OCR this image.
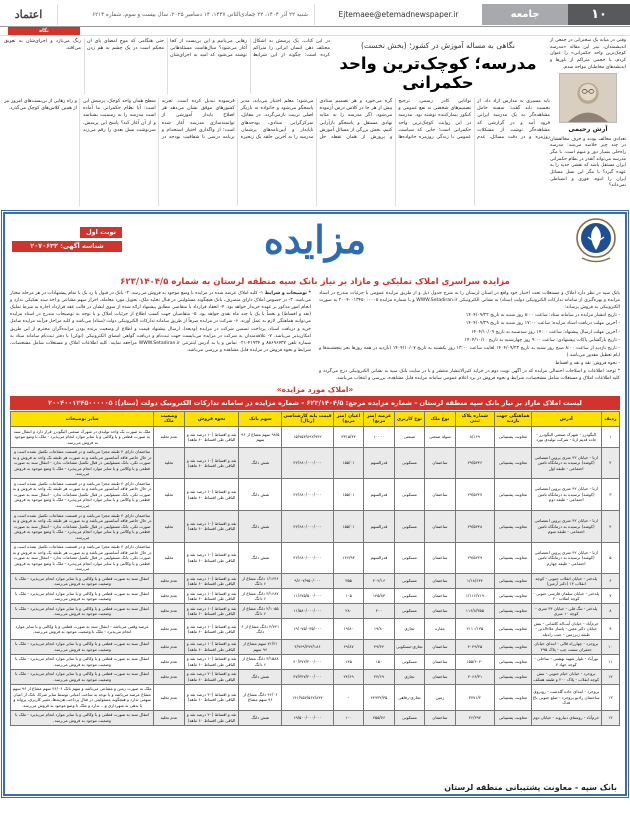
۱۰
جامعه
Ejtemaee@etemadnewspaper.ir
شنبه ۲۲ آذر ۱۴۰۴، ۲۲ جمادی‌الثانی ۱۴۴۷، ۱۴ دسامبر ۲۰۲۵، سال بیست و سوم، شماره ۶۲۱۴
اعتماد
نگاه
وقتی در میانه یک سخنرانی در جمعی از اندیشمندان، تیتر این مقاله «مدرسه کوچک‌ترین واحد حکمرانی» را عنوان کردم، با حجمی متراکم از باورها و اندیشه‌های مخاطبان مواجه شدم.
آرش رحیمی
تعدادی مخالف بودند و حرف مخالفشان در چند چیز خلاصه می‌شد: مدرسه راه‌حلی بسیار دور و مبهم است. یا مگر مدرسه می‌تواند آنقدر در نظام حکمرانی ایران مستقل باشد که نقشی جدید را به عهده گیرد؟ یا مگر این نسل مسائل ایران را انبوه، فوری و انضباطی نمی‌داند؟
نگاهی به مساله آموزش در کشور؛ (بخش نخست)
مدرسه؛ کوچک‌ترین واحد حکمرانی
در این کتاب، یک پرسش به اشکال مختلف ذهن انسان ایرانی را متراکم کرده است: چگونه از این شرایط رهایی می‌یابیم و این بن‌بست از کجا آغاز می‌شود؟ سال‌هاست مسئله‌هایی نوشته می‌شود که امید به اجرای‌شان حتی هنگامی که موج امضای پای آن محکم است در یک چشم به هم زدن رنگ می‌بازد و اجرای‌شان به تعویق می‌افتد.
باید مسیری به مدارس آزاد داد. از نخست باید گفت: سفینه حامل مشاهده‌گر به یک مدرسه ایرانی فرود آمد و در گزارشی که مشاهده‌گر نوشت از مشکلات روزمره و در دقت مسائل، عدم توانایی کادر رسمی، ترجیح تصمیم‌های شخصی به نفع عمومی و کنکور بیمارکننده نوشته بود. مدرسه در این روایت کوچک‌ترین واحد حکمرانی است؛ جایی که سیاست عمومی با زندگی روزمره خانواده‌ها گره می‌خورد و هر تصمیم ستادی پیش از هر جا در کلاس درس آزموده می‌شود. اگر مدرسه را به مثابه نهادی مستقل و پاسخگو بازآرایی کنیم، بخش بزرگی از مسائل آموزش و پرورش از همان نقطه حل می‌شود؛ معلم اختیار می‌یابد، مدیر پاسخگو می‌شود و خانواده به بازیگر اصلی تربیت بازمی‌گردد. در مقابل، تمرکزگرایی ستادی، بودجه‌های ناپایدار و آیین‌نامه‌های پرشمار، مدرسه را به آخرین حلقه یک زنجیره فرسوده تبدیل کرده است. تجربه کشورهای موفق نشان می‌دهد هر اصلاح پایدار آموزشی از توانمندسازی مدرسه آغاز شده است؛ از واگذاری اختیار استخدام و برنامه درسی تا شفافیت بودجه در سطح همان واحد کوچک. پرسش این است: آیا نظام حکمرانی ما آماده است مدرسه را به رسمیت بشناسد و از آن آغاز کند؟ پاسخ این پرسش، سرنوشت نسل بعدی را رقم می‌زند و راه رهایی از بن‌بست‌های امروز نیز از همین کلاس‌های کوچک می‌گذرد.
نوبت اول
شناسه آگهی: ۲۰۷۰۶۳۲	مزایده
مزایده سراسری املاک تملیکی و مازاد بر نیاز بانک سپه منطقه لرستان به شماره ۶۲۳/۱۴۰۴/۵
بانک سپه در نظر دارد املاک و مستغلات تحت اختیار خود واقع در استان لرستان را به شرح جدول ذیل و از طریق مزایده عمومی با جزئیات مندرج در اسناد مزایده و بهره‌گیری از سامانه تدارکات الکترونیکی دولت (ستاد) به نشانی الکترونیکی WWW.Setadiran.ir و با شماره مزایده ۲۰۰۴۰۰۱۳۴۵۰۰۰۰۰۵ به صورت الکترونیکی به فروش برساند:
- تاریخ انتشار مزایده در سامانه ستاد: ساعت ۸:۰۰ روز شنبه به تاریخ ۱۴۰۴/۰۹/۲۲
- آخرین مهلت دریافت اسناد مزایده: ساعت ۱۷:۰۰ روز شنبه به تاریخ ۱۴۰۴/۰۹/۲۹
- آخرین مهلت ارسال پیشنهاد: ساعت ۱۷:۰۰ روز سه‌شنبه به تاریخ ۱۴۰۴/۱۰/۰۹
- تاریخ بازگشایی پاکات پیشنهادی: ساعت ۹:۰۰ روز چهارشنبه به تاریخ ۱۴۰۴/۱۰/۱۰
- تاریخ بازدید از ساعت ۸:۰۰ صبح روز شنبه به تاریخ ۱۴۰۴/۰۹/۲۳ لغایت ساعت ۱۳:۰۰ روز یکشنبه به تاریخ ۱۴۰۴/۱۰/۰۷ (بازدید در همه روزها بجز پنجشنبه‌ها و ایام تعطیل مقدور می‌باشد.)
- نحوه فروش: نقد و نقد و اقساط
* توجه: اطلاعات و اصلاحات احتمالی مزایده که در آگهی نوبت دوم در جراید کثیرالانتشار منتشر و یا در سایت بانک سپه به نشانی الکترونیکی درج می‌گردد و کلیه اطلاعات املاک و مستغلات شامل مشخصات، شرایط و نحوه فروش در برد اعلام عمومی سامانه مزایده قابل مشاهده، بررسی و انتخاب می‌باشد.
* توضیحات و شرایط ۱- کلیه املاک عرضه شده در مزایده با وضع موجود به فروش می‌رسد. ۲- بانک در قبول یا رد یک یا تمام پیشنهادات در هر مرحله مختار می‌باشد. ۳- در خصوص املاک دارای متصرف، بانک هیچگونه مسئولیتی در قبال تخلیه ملک، تحویل مورد معامله، احراز سهم مشاعی و اخذ سند تفکیکی ندارد و انجام امور مذکور بر عهده خریدار خواهد بود. ۴- انعقاد قرارداد با متقاضی مطابق پیشنهاد ارائه شده از سوی ایشان در قالب عقد قرارداد اجاره به شرط تملیک (نقد و اقساط) و بعضاً با یک یا چند ماه نقدی خواهد بود. ۵- متقاضیان جهت کسب اطلاع از جزئیات املاک و با توجه به توضیحات مندرج در اسناد مزایده می‌توانند هماهنگی لازم به عمل آورند. ۶- شرکت در مزایده صرفاً از طریق سامانه تدارکات الکترونیکی دولت (ستاد) می‌باشد و کلیه مراحل فرآیند مزایده شامل خرید و دریافت اسناد، پرداخت تضمین شرکت در مزایده (ودیعه)، ارسال پیشنهاد قیمت و اطلاع از وضعیت برنده بودن مزایده‌گران محترم از این طریق امکان‌پذیر می‌باشد. ۷- علاقه‌مندان به شرکت در مزایده می‌بایست جهت ثبت‌نام و دریافت گواهی امضای الکترونیکی (توکن) با دفتر ثبت‌نام سامانه ستاد به شماره تلفن ۸۸۶۹۶۷۳۷ و ۴۱۹۳۴-۰۲۱ تماس و یا به آدرس اینترنتی WWW.Setadiran.ir مراجعه نمایند. کلیه اطلاعات املاک و مستغلات شامل مشخصات، شرایط و نحوه فروش در مزایده قابل مشاهده و بررسی می‌باشد.
«املاک مورد مزایده»
لیست املاک مازاد بر نیاز بانک سپه منطقه لرستان - شماره مزایده مرجع: ۶۲۳/۱۴۰۴/۵ - شماره مزایده در سامانه تدارکات الکترونیک دولت (ستاد): ۲۰۰۴۰۰۱۳۴۵۰۰۰۰۰۵
ردیف	آدرس	هماهنگی جهت بازدید	شماره پلاک ثبتی	نوع ملک	نوع کاربری	عرصه (متر مربع)	اعیان (متر مربع)	قیمت پایه کارشناسی (ریال)	سهم بانک	نحوه فروش	وضعیت ملک	سایر توضیحات
۱	الیگودرز - شهرک صنعتی الیگودرز - جاده قدیم ازنا - شرکت تولیدی نورد	معاونت پشتیبانی	۸/۱۶۹	سوله صنعتی	صنعتی	۱۰۰۰۰	۳۳۱۵/۴۴	۱۵/۷۵۳/۸۹۲/۹۴۲	۹۸/۵ سهم مشاع از ۹۶ سهم	نقد و اقساط (۱۰ درصد نقد و الباقی طی اقساط ۶۰ ماهه)	عدم تخلیه	ملک به صورت یک واحد تولیدی در شهرک صنعتی الیگودرز قرار دارد و انتقال سند به صورت قطعی و یا وکالتی و یا سایر موارد انجام می‌پذیرد - ملک با وضع موجود به فروش می‌رسد.
۲	ازنا - خیابان ۴۲ متری پروین اعتصامی (کوشه) نرسیده به درمانگاه تامین اجتماعی - طبقه اول	معاونت پشتیبانی	۲۹/۵۲۴۶	ساختمان	مسکونی	قدرالسهم	۱۵۵/۰۱	۴۲/۶۸۰/۰۰۰/۰۰۰	شش دانگ	نقد و اقساط (۱۰ درصد نقد و الباقی طی اقساط ۶۰ ماهه)	تخلیه	ساختمان دارای ۴ طبقه مجزا می‌باشد و در قسمت مشاعات تکمیل نشده است و در حال حاضر فاقد آسانسور می‌باشد و به صورت هر طبقه یک واحد به فروش و به صورت تکی، بانک مسئولیتی در قبال تکمیل مشاعات ندارد - انتقال سند به صورت قطعی و یا وکالتی و یا سایر موارد انجام می‌پذیرد - ملک با وضع موجود به فروش می‌رسد.
۳	ازنا - خیابان ۴۲ متری پروین اعتصامی (کوشه) نرسیده به درمانگاه تامین اجتماعی - طبقه دوم	معاونت پشتیبانی	۲۹/۵۲۴۷	ساختمان	مسکونی	قدرالسهم	۱۵۵/۰۱	۴۲/۶۸۰/۰۰۰/۰۰۰	شش دانگ	نقد و اقساط (۱۰ درصد نقد و الباقی طی اقساط ۶۰ ماهه)	تخلیه	ساختمان دارای ۴ طبقه مجزا می‌باشد و در قسمت مشاعات تکمیل نشده است و در حال حاضر فاقد آسانسور می‌باشد و به صورت هر طبقه یک واحد به فروش و به صورت تکی، بانک مسئولیتی در قبال تکمیل مشاعات ندارد - انتقال سند به صورت قطعی و یا وکالتی و یا سایر موارد انجام می‌پذیرد - ملک با وضع موجود به فروش می‌رسد.
۴	ازنا - خیابان ۴۲ متری پروین اعتصامی (کوشه) نرسیده به درمانگاه تامین اجتماعی - طبقه سوم	معاونت پشتیبانی	۲۹/۵۲۴۸	ساختمان	مسکونی	قدرالسهم	۱۵۵/۰۱	۴۲/۶۸۰/۰۰۰/۰۰۰	شش دانگ	نقد و اقساط (۱۰ درصد نقد و الباقی طی اقساط ۶۰ ماهه)	تخلیه	ساختمان دارای ۴ طبقه مجزا می‌باشد و در قسمت مشاعات تکمیل نشده است و در حال حاضر فاقد آسانسور می‌باشد و به صورت هر طبقه یک واحد به فروش و به صورت تکی، بانک مسئولیتی در قبال تکمیل مشاعات ندارد - انتقال سند به صورت قطعی و یا وکالتی و یا سایر موارد انجام می‌پذیرد - ملک با وضع موجود به فروش می‌رسد.
۵	ازنا - خیابان ۴۲ متری پروین اعتصامی (کوشه) نرسیده به درمانگاه تامین اجتماعی - طبقه چهارم	معاونت پشتیبانی	۲۹/۵۲۴۹	ساختمان	مسکونی	قدرالسهم	۱۴۶/۹۳	۴۲/۶۸۰/۰۰۰/۰۰۰	شش دانگ	نقد و اقساط (۱۰ درصد نقد و الباقی طی اقساط ۶۰ ماهه)	تخلیه	ساختمان دارای ۴ طبقه مجزا می‌باشد و در قسمت مشاعات تکمیل نشده است و در حال حاضر فاقد آسانسور می‌باشد و به صورت هر طبقه یک واحد به فروش و به صورت تکی، بانک مسئولیتی در قبال تکمیل مشاعات ندارد - انتقال سند به صورت قطعی و یا وکالتی و یا سایر موارد انجام می‌پذیرد - ملک با وضع موجود به فروش می‌رسد.
۶	پلدختر - خیابان انقلاب جنوبی - کوچه انقلاب ۱۴ (دکتر آرمین)	معاونت پشتیبانی	۱/۱۸/۶۴۴	ساختمان	مسکونی	۲۰۲/۱۶	۳۵۵	۹/۶۰۷/۹۵۰/۰۰۰	۱/۱۶۴۶ دانگ مشاع از ۶ دانگ	نقد و اقساط (۱۰ درصد نقد و الباقی طی اقساط ۶۰ ماهه)	عدم تخلیه	انتقال سند به صورت قطعی و یا وکالتی و یا سایر موارد انجام می‌پذیرد - ملک با وضعیت موجود به فروش می‌رسد.
۷	پلدختر - خیابان سلمان فارسی جنوبی - کوچه انقلاب ۲۰	معاونت پشتیبانی	۱/۱۱۶/۷۱۹	ساختمان	مسکونی	۱۴۵/۸۳	۱۰۵	۱۱/۶۷۵/۵۰۰/۰۰۰	۳/۱۶۸۷ دانگ مشاع از ۶ دانگ	نقد و اقساط (۱۰ درصد نقد و الباقی طی اقساط ۶۰ ماهه)	عدم تخلیه	انتقال سند به صورت قطعی و یا وکالتی و یا سایر موارد انجام می‌پذیرد - ملک با وضعیت موجود به فروش می‌رسد.
۸	پلدختر - تنگ قلی - خیابان ۲۴ متری - کوچه ۱۰ متری	معاونت پشتیبانی	۱۱۶/۸/۳۵۵	ساختمان	مسکونی	۴۰۰	۲۸۰	۱۱/۵۸۰/۰۰۰/۰۰۰	۲/۱۰۵۵ دانگ مشاع از ۶ دانگ	نقد و اقساط (۱۰ درصد نقد و الباقی طی اقساط ۶۰ ماهه)	عدم تخلیه	انتقال سند به صورت قطعی و یا وکالتی و یا سایر موارد انجام می‌پذیرد - ملک با وضعیت موجود به فروش می‌رسد.
۹	خرم‌آباد - خیابان آیت‌اله کاشانی - نبش خیابان دکتر معین - پاساژ علاءالدین - طبقه زیرزمین - جنب راه‌پله	معاونت پشتیبانی	۲۱۱۰/۱۳۵	مغازه	تجاری	۱۹/۸۰	۱۹/۸۰	۱۹/۰۷۵/۰۳۵/۰۰۰	۲/۷۴۱ دانگ مشاع از ۶ دانگ	نقد و اقساط (۱۰ درصد نقد و الباقی طی اقساط ۶۰ ماهه)	عدم تخلیه	عرصه وقفی می‌باشد - انتقال سند به صورت قطعی و یا وکالتی و یا سایر موارد انجام می‌پذیرد - ملک با وضعیت موجود به فروش می‌رسد.
۱۰	بروجرد - چهارراه قالی - ابتدای خیابان جعفران سمت چپ - پلاک ۴۹۵	معاونت پشتیبانی	۴۰۴۹/۲۵	ساختمان	تجاری-مسکونی	۴۹/۴۴	۶۹/۸۷	۴/۹۶۹/۲۷۲/۱۸۶	۷۱/۲۱ سهم مشاع از ۹۶ سهم	نقد و اقساط (۱۰ درصد نقد و الباقی طی اقساط ۶۰ ماهه)	عدم تخلیه	انتقال سند به صورت قطعی و یا وکالتی و یا سایر موارد انجام می‌پذیرد - ملک با وضعیت موجود به فروش می‌رسد.
۱۱	نورآباد - بلوار شهید بهشتی - ساحلی - کوچه جهاد ۷	معاونت پشتیبانی	۱۵۵/۶۰۲۰	ساختمان	مسکونی	۱۵۰	۱۴۵	۴۰/۳۷۲/۲۰۰/۰۰۰	۳/۱۵۸۸ دانگ مشاع از ۶ دانگ	نقد و اقساط (۱۰ درصد نقد و الباقی طی اقساط ۶۰ ماهه)	عدم تخلیه	انتقال سند به صورت قطعی و یا وکالتی و یا سایر موارد انجام می‌پذیرد - ملک با وضعیت موجود به فروش می‌رسد.
۱۲	بروجرد - خیابان خیام جنوبی - نبش کوچه انقلاب - پلاک ۲۰۰ و طبقه همکف	معاونت پشتیبانی	۲۰۶۶/۳۱	ساختمان	تجاری	۲۴/۶۹	۲۴/۶۹	۴۷/۳۴۷/۲۰۰/۰۰۰	شش دانگ	نقد و اقساط (۲۰ درصد نقد و الباقی طی اقساط ۶۰ ماهه)	عدم تخلیه	انتقال سند به صورت قطعی و یا وکالتی و یا سایر موارد انجام می‌پذیرد - ملک با وضعیت موجود به فروش می‌رسد.
۱۳	بروجرد - ابتدای جاده گلدشت - روبروی ساختمان رادیو بروجرد - ضلع جنوبی باغ فدک	معاونت پشتیبانی	۳۷۷۱/۲	زمین	تجاری-رفاهی	۴۴۹۳۲/۳۵	-	۱۴۱/۷۵۷/۵۶۷/۸۴۴	۴۶/۰۶ دانگ مشاع از ۹۶ سهم مشاع	نقد و اقساط (۳۰ درصد نقد و الباقی طی اقساط ۶۰ ماهه)	عدم تخلیه	ملک به صورت زمین و مشاعی می‌باشد و سهم بانک ۴۶/۰۶ سهم مشاع از ۹۶ سهم مشاع عرصه می‌باشد و با توجه به ساخت اعیانی توسط سایر شرکا، بانک از اعیان سهمی ندارد و هیچگونه مسئولیتی در قبال پرداخت هزینه‌ها، تغییر کاربری، پروانه و یا بدهی به شهرداری و... ندارد و ملک با وضع موجود به فروش می‌رسد.
۱۴	خرم‌آباد - روستای دیناروند - خیابان دوم	معاونت پشتیبانی	۲۶/۲۹۴	ساختمان	مسکونی	۲۵۵/۷۶	۱۰۰	۱۹/۵۰۰/۰۰۰/۰۰۰	شش دانگ	نقد و اقساط (۲۰ درصد نقد و الباقی طی اقساط ۶۰ ماهه)	عدم تخلیه	انتقال سند به صورت قطعی و یا وکالتی و یا سایر موارد انجام می‌پذیرد - ملک با وضعیت موجود به فروش می‌رسد.
بانک سپه - معاونت پشتیبانی منطقه لرستان
